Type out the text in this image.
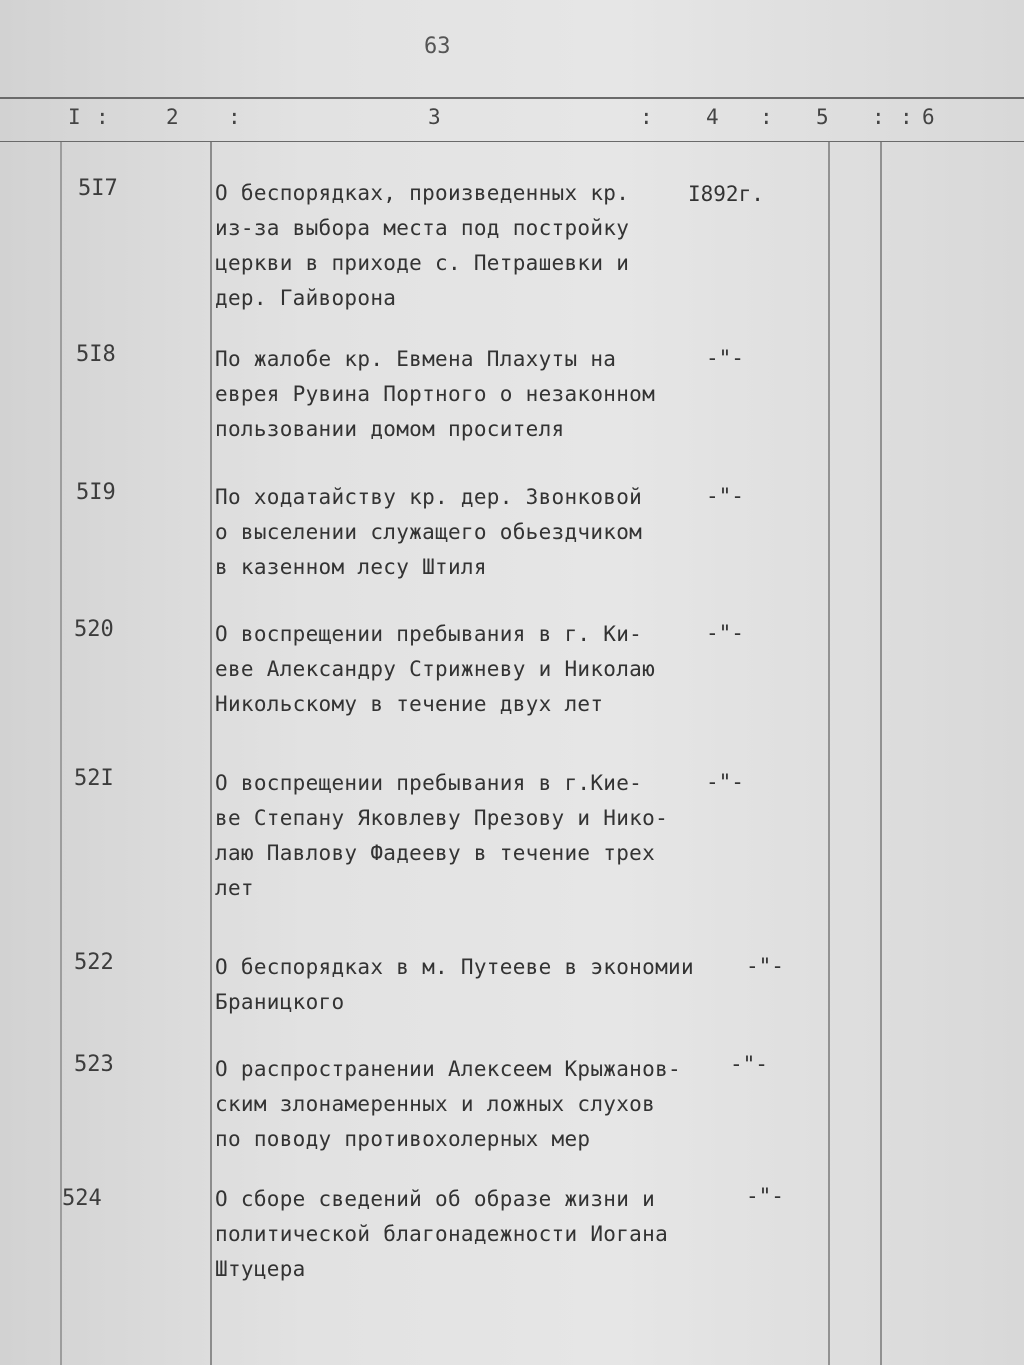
63
I :	2 :	3	:	4 : 5 : : 6
5I7	О беспорядках, произведенных кр.
из-за выбора места под постройку
церкви в приходе с. Петрашевки и
дер. Гайворона
I892г.
5I8	По жалобе кр. Евмена Плахуты на
еврея Рувина Портного о незаконном
пользовании домом просителя
-"-
5I9	По ходатайству кр. дер. Звонковой
о выселении служащего обьездчиком
в казенном лесу Штиля
-"-
520	О воспрещении пребывания в г. Ки-
еве Александру Стрижневу и Николаю
Никольскому в течение двух лет
-"-
52I	О воспрещении пребывания в г.Кие-
ве Степану Яковлеву Презову и Нико-
лаю Павлову Фадееву в течение трех
лет
-"-
522	О беспорядках в м. Путееве в экономии
Браницкого
-"-
523	О распространении Алексеем Крыжанов-
ским злонамеренных и ложных слухов
по поводу противохолерных мер
-"-
524	О сборе сведений об образе жизни и
политической благонадежности Иогана
Штуцера
-"-
